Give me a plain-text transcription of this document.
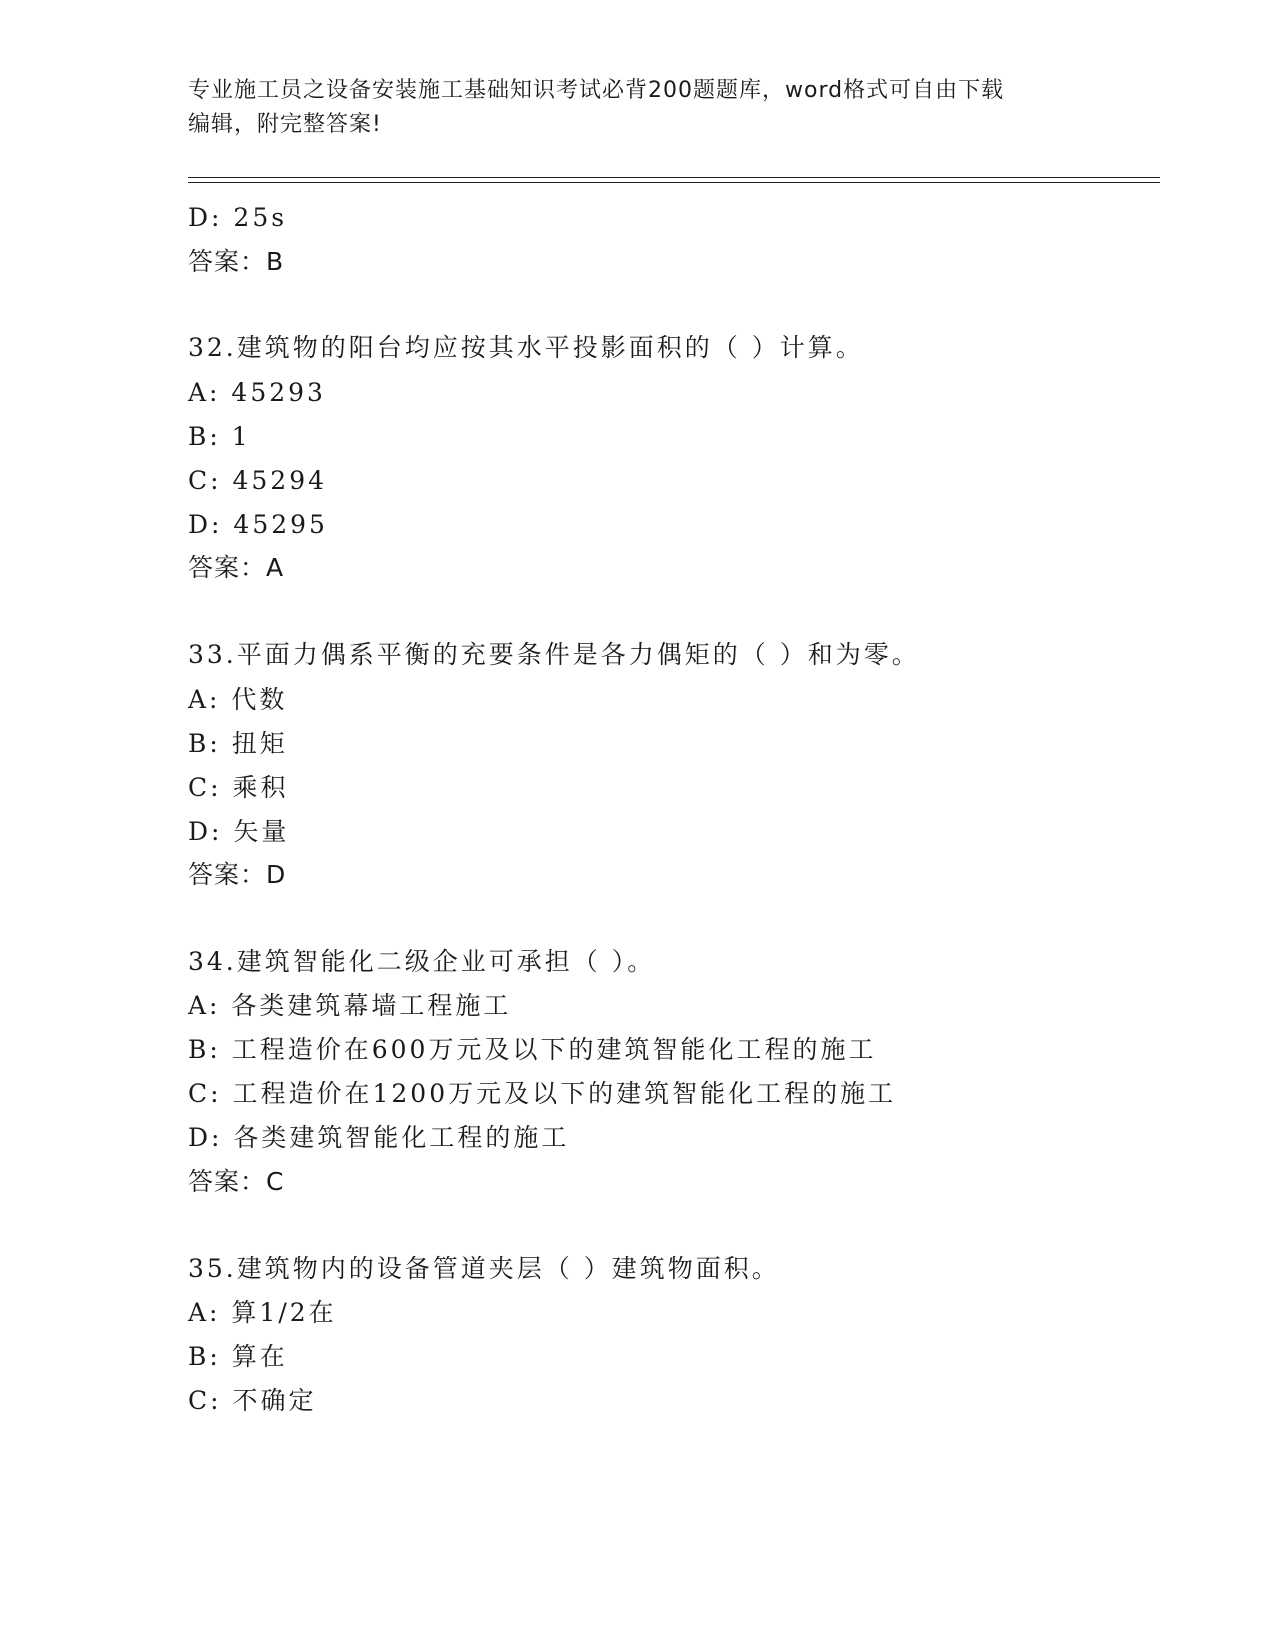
专业施工员之设备安装施工基础知识考试必背200题题库，word格式可自由下载
编辑，附完整答案!
D: 25s
答案：B
32.建筑物的阳台均应按其水平投影面积的（ ）计算。
A: 45293
B: 1
C: 45294
D: 45295
答案：A
33.平面力偶系平衡的充要条件是各力偶矩的（ ）和为零。
A: 代数
B: 扭矩
C: 乘积
D: 矢量
答案：D
34.建筑智能化二级企业可承担（ ）。
A: 各类建筑幕墙工程施工
B: 工程造价在600万元及以下的建筑智能化工程的施工
C: 工程造价在1200万元及以下的建筑智能化工程的施工
D: 各类建筑智能化工程的施工
答案：C
35.建筑物内的设备管道夹层（ ）建筑物面积。
A: 算1/2在
B: 算在
C: 不确定
